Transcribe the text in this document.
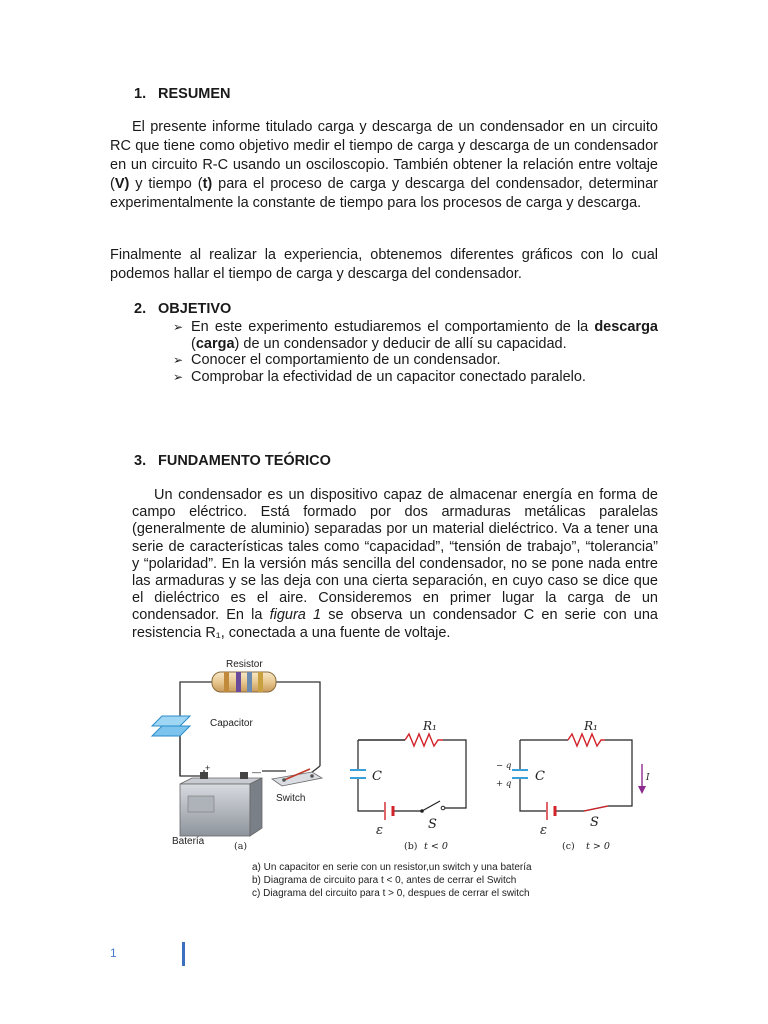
1. RESUMEN
El presente informe titulado carga y descarga de un condensador en un circuito RC que tiene como objetivo medir el tiempo de carga y descarga de un condensador en un circuito R-C usando un osciloscopio. También obtener la relación entre voltaje (V) y tiempo (t) para el proceso de carga y descarga del condensador, determinar experimentalmente la constante de tiempo para los procesos de carga y descarga.
Finalmente al realizar la experiencia, obtenemos diferentes gráficos con lo cual podemos hallar el tiempo de carga y descarga del condensador.
2. OBJETIVO
➢ En este experimento estudiaremos el comportamiento de la descarga (carga) de un condensador y deducir de allí su capacidad.
➢ Conocer el comportamiento de un condensador.
➢ Comprobar la efectividad de un capacitor conectado paralelo.
3. FUNDAMENTO TEÓRICO
Un condensador es un dispositivo capaz de almacenar energía en forma de campo eléctrico. Está formado por dos armaduras metálicas paralelas (generalmente de aluminio) separadas por un material dieléctrico. Va a tener una serie de características tales como “capacidad”, “tensión de trabajo”, “tolerancia” y “polaridad”. En la versión más sencilla del condensador, no se pone nada entre las armaduras y se las deja con una cierta separación, en cuyo caso se dice que el dieléctrico es el aire. Consideremos en primer lugar la carga de un condensador. En la figura 1 se observa un condensador C en serie con una resistencia R₁, conectada a una fuente de voltaje.
Resistor
Capacitor
+	—
Batería
Switch
(a)
R₁
C
ε	S
(b) t < 0
R₁
C
− q
+ q
I
ε
S
(c) t > 0
a) Un capacitor en serie con un resistor,un switch y una batería
b) Diagrama de circuito para t < 0, antes de cerrar el Switch
c) Diagrama del circuito para t > 0, despues de cerrar el switch
1
